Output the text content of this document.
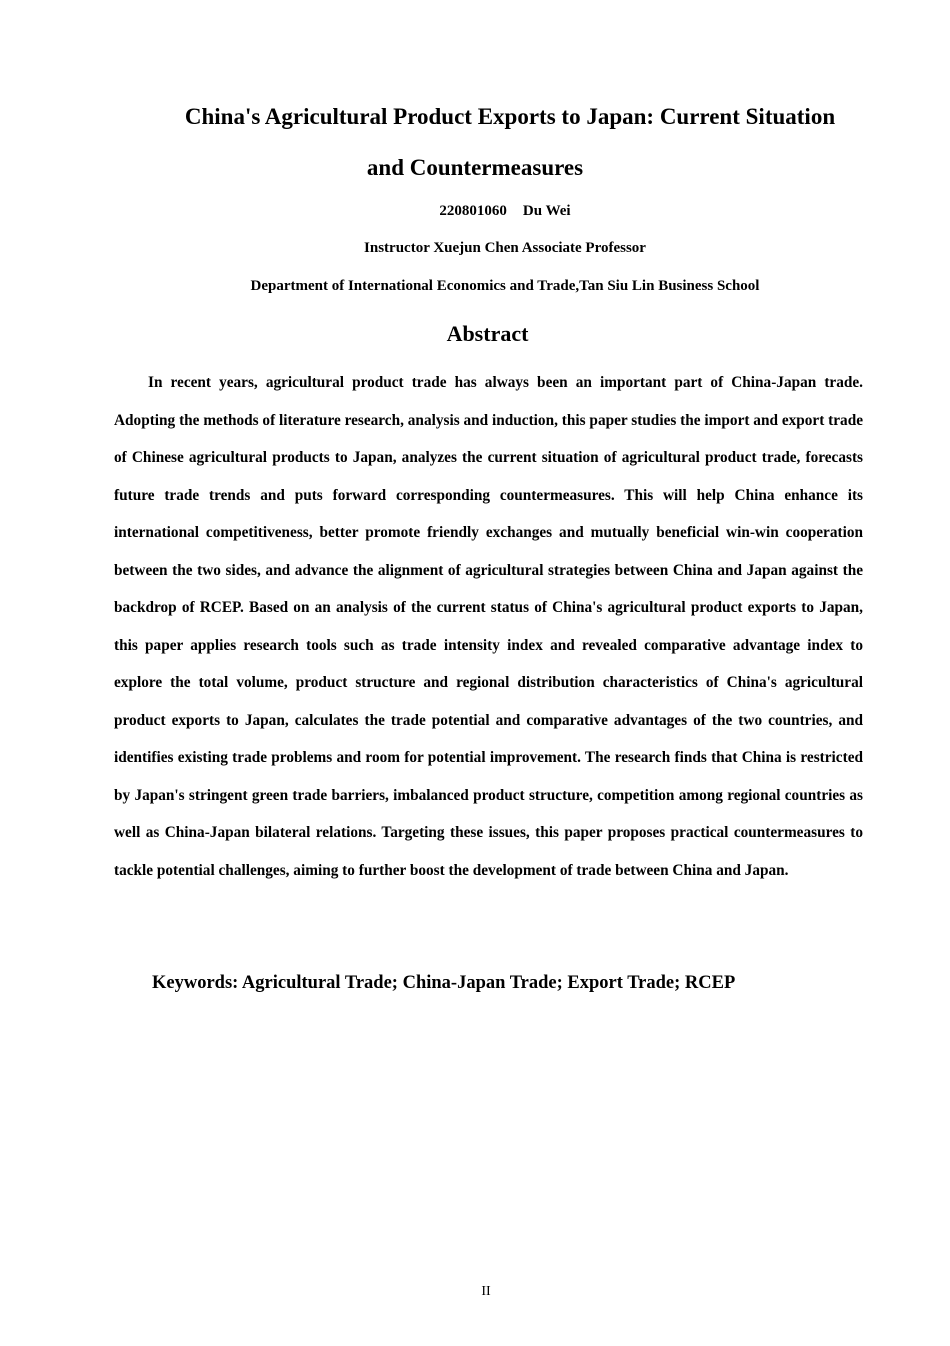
China's Agricultural Product Exports to Japan: Current Situation
and Countermeasures

220801060 Du Wei

Instructor Xuejun Chen Associate Professor

Department of International Economics and Trade,Tan Siu Lin Business School

Abstract

In recent years, agricultural product trade has always been an important part of China-Japan trade. Adopting the methods of literature research, analysis and induction, this paper studies the import and export trade of Chinese agricultural products to Japan, analyzes the current situation of agricultural product trade, forecasts future trade trends and puts forward corresponding countermeasures. This will help China enhance its international competitiveness, better promote friendly exchanges and mutually beneficial win-win cooperation between the two sides, and advance the alignment of agricultural strategies between China and Japan against the backdrop of RCEP. Based on an analysis of the current status of China's agricultural product exports to Japan, this paper applies research tools such as trade intensity index and revealed comparative advantage index to explore the total volume, product structure and regional distribution characteristics of China's agricultural product exports to Japan, calculates the trade potential and comparative advantages of the two countries, and identifies existing trade problems and room for potential improvement. The research finds that China is restricted by Japan's stringent green trade barriers, imbalanced product structure, competition among regional countries as well as China-Japan bilateral relations. Targeting these issues, this paper proposes practical countermeasures to tackle potential challenges, aiming to further boost the development of trade between China and Japan.

Keywords: Agricultural Trade; China-Japan Trade; Export Trade; RCEP

II
